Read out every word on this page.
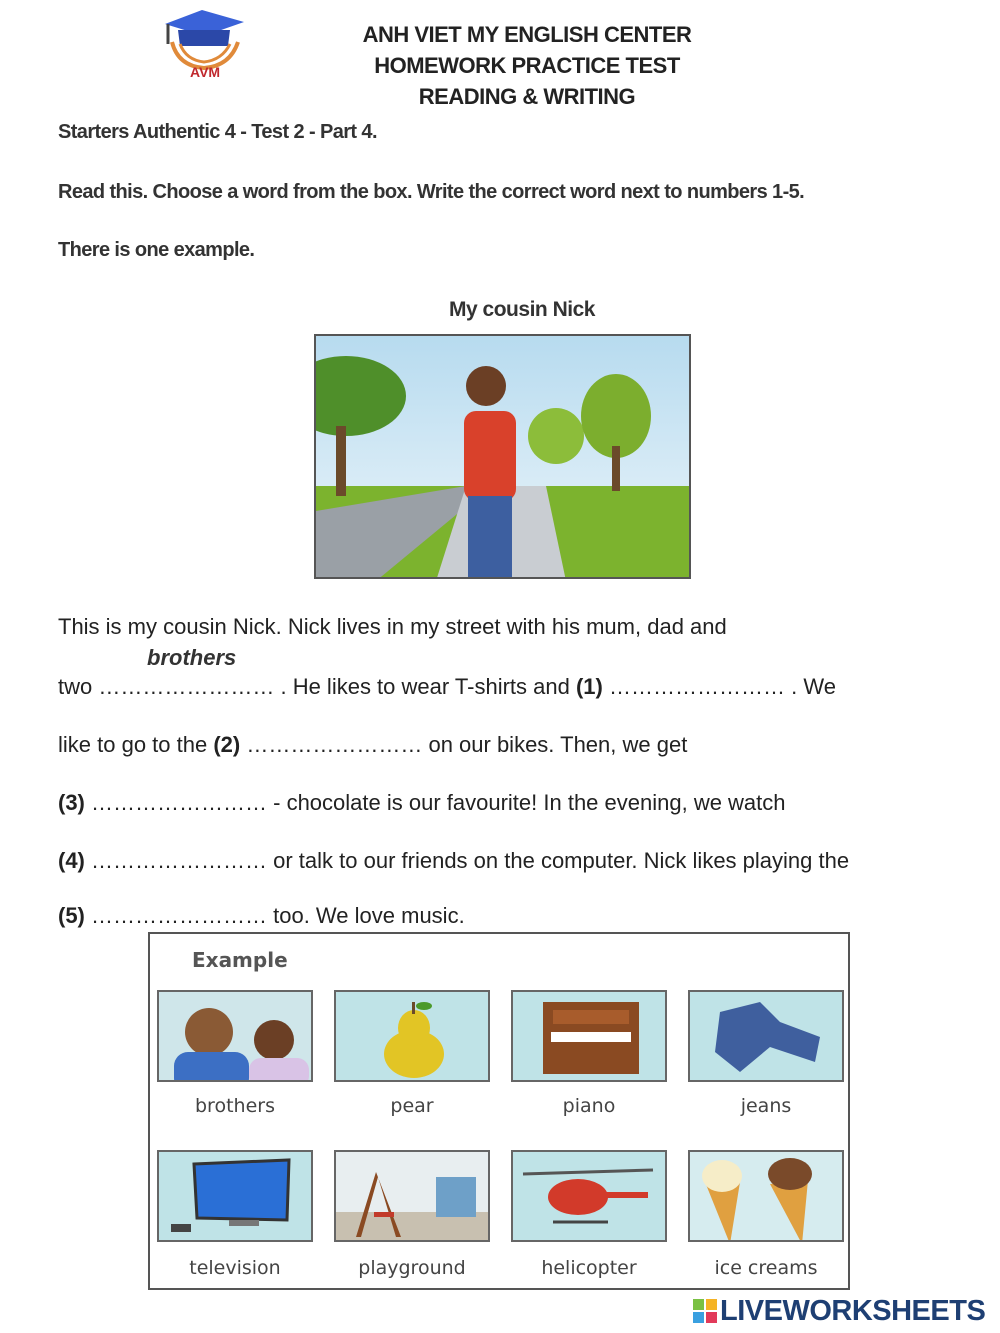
AVM
ANH VIET MY ENGLISH CENTER
HOMEWORK PRACTICE TEST
READING & WRITING
Starters Authentic 4 - Test 2 - Part 4.
Read this. Choose a word from the box. Write the correct word next to numbers 1-5.
There is one example.
My cousin Nick
This is my cousin Nick. Nick lives in my street with his mum, dad and
brothers
two …………………… . He likes to wear T-shirts and (1) …………………… . We
like to go to the (2) …………………… on our bikes. Then, we get
(3) …………………… - chocolate is our favourite! In the evening, we watch
(4) …………………… or talk to our friends on the computer. Nick likes playing the
(5) …………………… too. We love music.
Example
brothers	pear	piano	jeans
television	playground	helicopter	ice creams
LIVEWORKSHEETS
